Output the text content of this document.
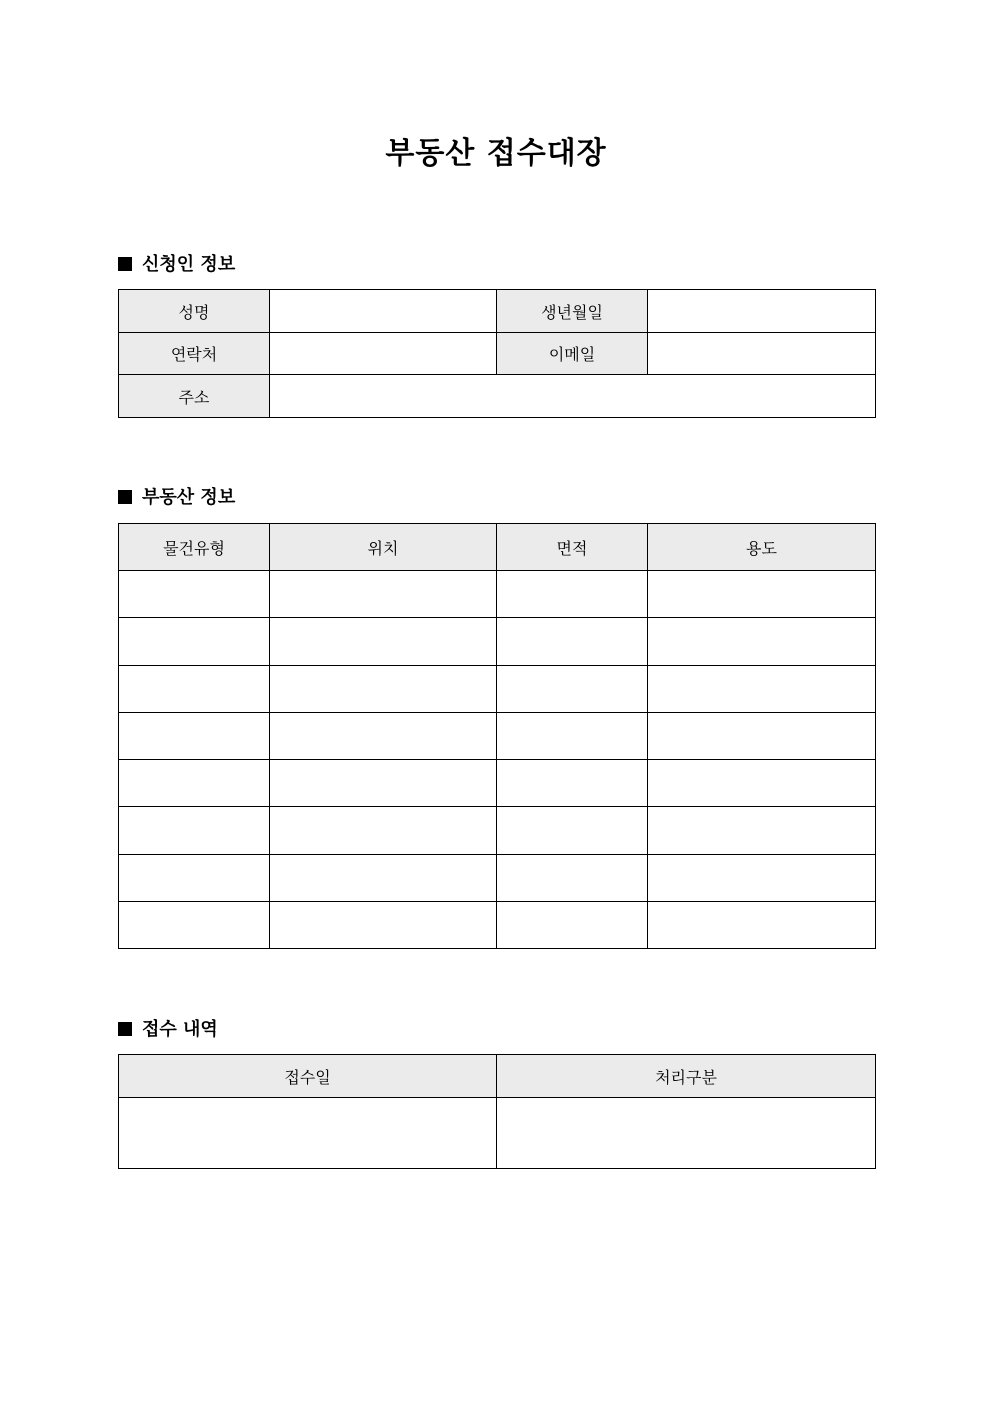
부동산 접수대장
신청인 정보
성명		생년월일	
연락처		이메일	
주소			
부동산 정보
물건유형	위치	면적	용도

접수 내역
접수일	처리구분
